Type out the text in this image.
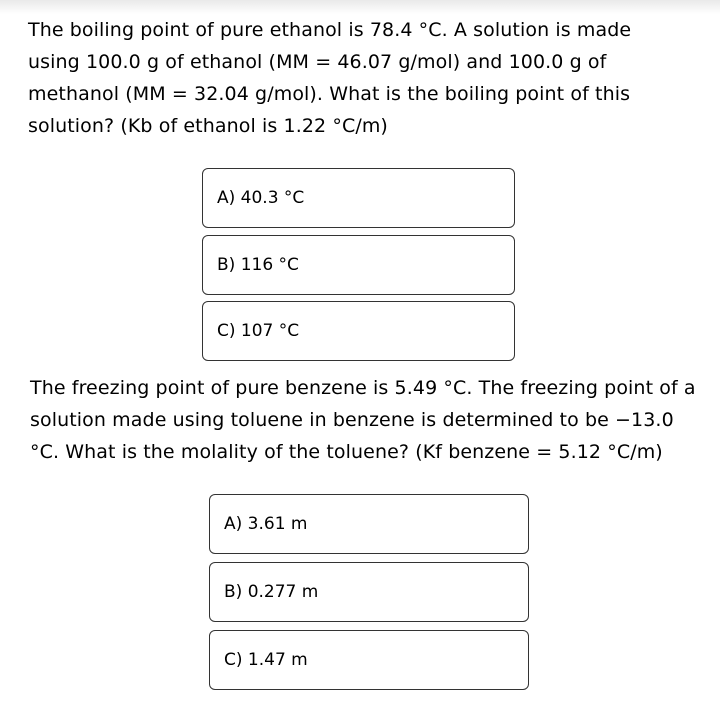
The boiling point of pure ethanol is 78.4 °C. A solution is made using 100.0 g of ethanol (MM = 46.07 g/mol) and 100.0 g of methanol (MM = 32.04 g/mol). What is the boiling point of this solution? (Kb of ethanol is 1.22 °C/m)

A) 40.3 °C
B) 116 °C
C) 107 °C

The freezing point of pure benzene is 5.49 °C. The freezing point of a solution made using toluene in benzene is determined to be −13.0 °C. What is the molality of the toluene? (Kf benzene = 5.12 °C/m)

A) 3.61 m
B) 0.277 m
C) 1.47 m
